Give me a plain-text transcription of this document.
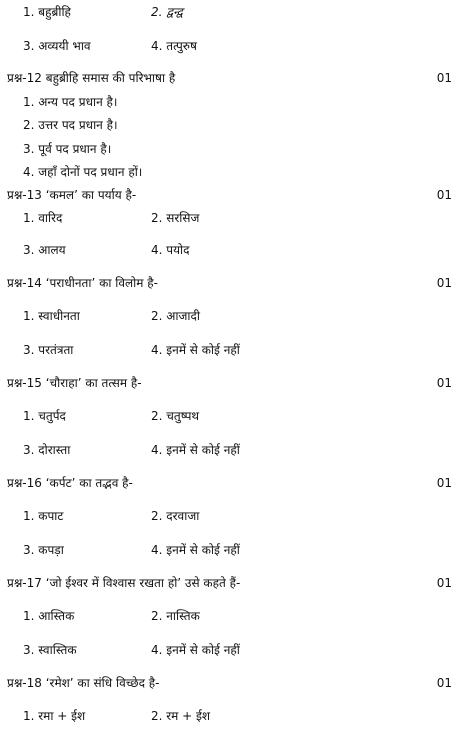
1. बहुब्रीहि	2. द्वन्द्व
3. अव्ययी भाव	4. तत्पुरुष
प्रश्न-12 बहुब्रीहि समास की परिभाषा है	01
1. अन्य पद प्रधान है।
2. उत्तर पद प्रधान है।
3. पूर्व पद प्रधान है।
4. जहाँ दोनों पद प्रधान हों।
प्रश्न-13 ‘कमल’ का पर्याय है-	01
1. वारिद	2. सरसिज
3. आलय	4. पयोद
प्रश्न-14 ‘पराधीनता’ का विलोम है-	01
1. स्वाधीनता	2. आजादी
3. परतंत्रता	4. इनमें से कोई नहीं
प्रश्न-15 ‘चौराहा’ का तत्सम है-	01
1. चतुर्पद	2. चतुष्पथ
3. दोरास्ता	4. इनमें से कोई नहीं
प्रश्न-16 ‘कर्पट’ का तद्भव है-	01
1. कपाट	2. दरवाजा
3. कपड़ा	4. इनमें से कोई नहीं
प्रश्न-17 ‘जो ईश्वर में विश्वास रखता हो’ उसे कहते हैं-	01
1. आस्तिक	2. नास्तिक
3. स्वास्तिक	4. इनमें से कोई नहीं
प्रश्न-18 ‘रमेश’ का संधि विच्छेद है-	01
1. रमा + ईश	2. रम + ईश
